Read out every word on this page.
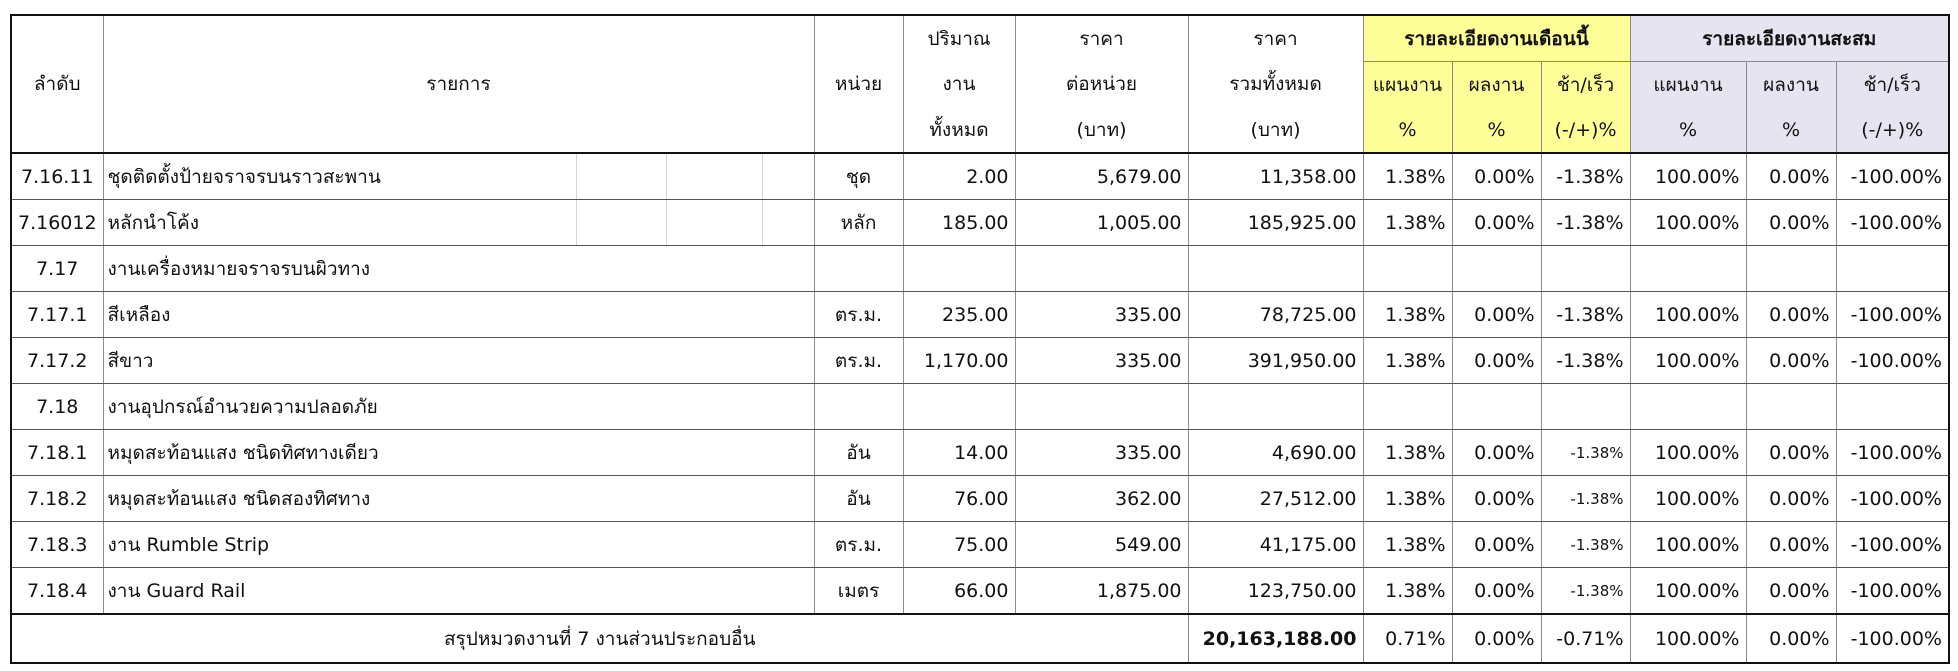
ลำดับ	รายการ	หน่วย	ปริมาณ	ราคา	ราคา	รายละเอียดงานเดือนนี้			รายละเอียดงานสะสม		
			งาน	ต่อหน่วย	รวมทั้งหมด	แผนงาน	ผลงาน	ช้า/เร็ว	แผนงาน	ผลงาน	ช้า/เร็ว
			ทั้งหมด	(บาท)	(บาท)	%	%	(-/+)%	%	%	(-/+)%
7.16.11	ชุดติดตั้งป้ายจราจรบนราวสะพาน	ชุด	2.00	5,679.00	11,358.00	1.38%	0.00%	-1.38%	100.00%	0.00%	-100.00%
7.16012	หลักนำโค้ง	หลัก	185.00	1,005.00	185,925.00	1.38%	0.00%	-1.38%	100.00%	0.00%	-100.00%
7.17	งานเครื่องหมายจราจรบนผิวทาง										
7.17.1	สีเหลือง	ตร.ม.	235.00	335.00	78,725.00	1.38%	0.00%	-1.38%	100.00%	0.00%	-100.00%
7.17.2	สีขาว	ตร.ม.	1,170.00	335.00	391,950.00	1.38%	0.00%	-1.38%	100.00%	0.00%	-100.00%
7.18	งานอุปกรณ์อำนวยความปลอดภัย										
7.18.1	หมุดสะท้อนแสง ชนิดทิศทางเดียว	อัน	14.00	335.00	4,690.00	1.38%	0.00%	-1.38%	100.00%	0.00%	-100.00%
7.18.2	หมุดสะท้อนแสง ชนิดสองทิศทาง	อัน	76.00	362.00	27,512.00	1.38%	0.00%	-1.38%	100.00%	0.00%	-100.00%
7.18.3	งาน Rumble Strip	ตร.ม.	75.00	549.00	41,175.00	1.38%	0.00%	-1.38%	100.00%	0.00%	-100.00%
7.18.4	งาน Guard Rail	เมตร	66.00	1,875.00	123,750.00	1.38%	0.00%	-1.38%	100.00%	0.00%	-100.00%
สรุปหมวดงานที่ 7 งานส่วนประกอบอื่น					20,163,188.00	0.71%	0.00%	-0.71%	100.00%	0.00%	-100.00%
